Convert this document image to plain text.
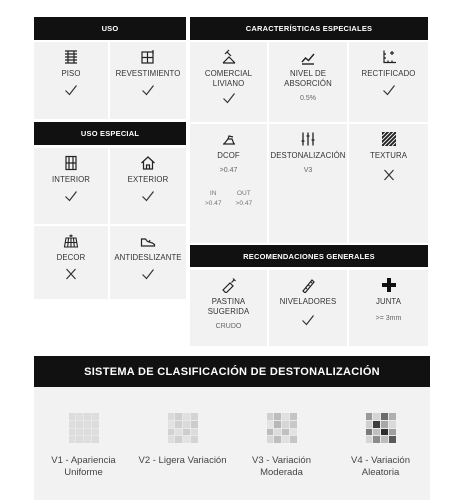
USO	CARACTERÍSTICAS ESPECIALES
USO ESPECIAL
RECOMENDACIONES GENERALES
PISO	REVESTIMIENTO
INTERIOR	EXTERIOR
DECOR	ANTIDESLIZANTE
COMERCIAL
LIVIANO
NIVEL DE
ABSORCIÓN
0.5%
RECTIFICADO
DCOF
>0.47
IN
>0.47
OUT
>0.47
DESTONALIZACIÓN
V3
TEXTURA
PASTINA
SUGERIDA
CRUDO
NIVELADORES	JUNTA
>= 3mm
SISTEMA DE CLASIFICACIÓN DE DESTONALIZACIÓN
V1 - Apariencia
Uniforme
V2 - Ligera Variación	V3 - Variación
Moderada
V4 - Variación
Aleatoria
